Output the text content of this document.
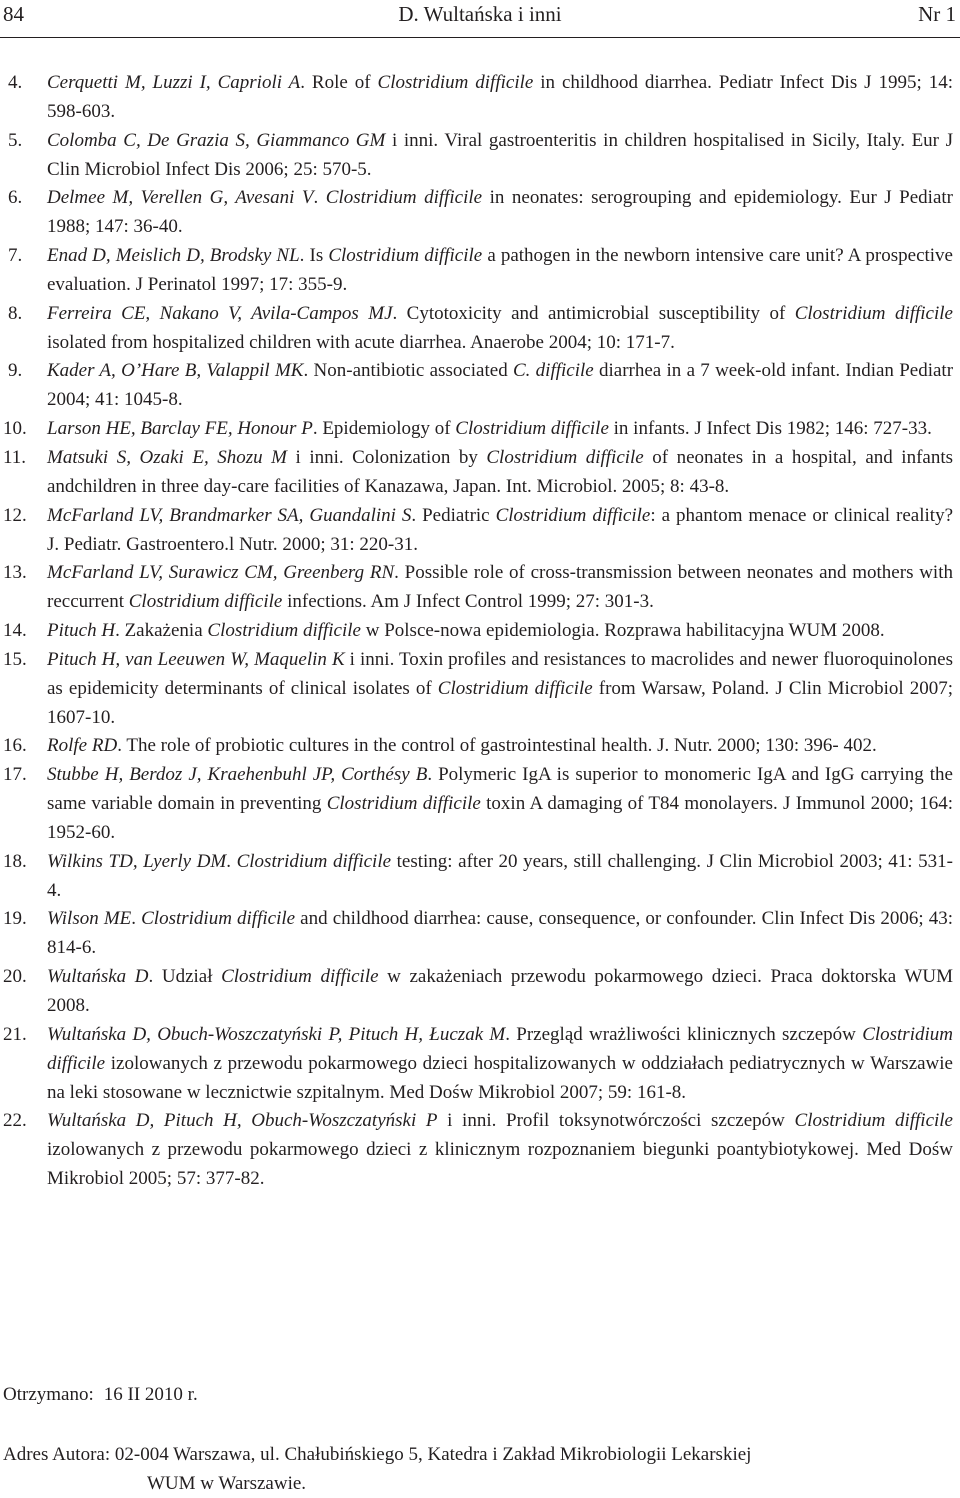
84	D. Wultańska i inni	Nr 1
4. Cerquetti M, Luzzi I, Caprioli A. Role of Clostridium difficile in childhood diarrhea. Pediatr Infect Dis J 1995; 14: 598-603.
5. Colomba C, De Grazia S, Giammanco GM i inni. Viral gastroenteritis in children hospitalised in Sicily, Italy. Eur J Clin Microbiol Infect Dis 2006; 25: 570-5.
6. Delmee M, Verellen G, Avesani V. Clostridium difficile in neonates: serogrouping and epidemiology. Eur J Pediatr 1988; 147: 36-40.
7. Enad D, Meislich D, Brodsky NL. Is Clostridium difficile a pathogen in the newborn intensive care unit? A prospective evaluation. J Perinatol 1997; 17: 355-9.
8. Ferreira CE, Nakano V, Avila-Campos MJ. Cytotoxicity and antimicrobial susceptibility of Clostridium difficile isolated from hospitalized children with acute diarrhea. Anaerobe 2004; 10: 171-7.
9. Kader A, O’Hare B, Valappil MK. Non-antibiotic associated C. difficile diarrhea in a 7 week-old infant. Indian Pediatr 2004; 41: 1045-8.
10. Larson HE, Barclay FE, Honour P. Epidemiology of Clostridium difficile in infants. J Infect Dis 1982; 146: 727-33.
11. Matsuki S, Ozaki E, Shozu M i inni. Colonization by Clostridium difficile of neonates in a hospital, and infants andchildren in three day-care facilities of Kanazawa, Japan. Int. Microbiol. 2005; 8: 43-8.
12. McFarland LV, Brandmarker SA, Guandalini S. Pediatric Clostridium difficile: a phantom menace or clinical reality? J. Pediatr. Gastroentero.l Nutr. 2000; 31: 220-31.
13. McFarland LV, Surawicz CM, Greenberg RN. Possible role of cross-transmission between neonates and mothers with reccurrent Clostridium difficile infections. Am J Infect Control 1999; 27: 301-3.
14. Pituch H. Zakażenia Clostridium difficile w Polsce-nowa epidemiologia. Rozprawa habilitacyjna WUM 2008.
15. Pituch H, van Leeuwen W, Maquelin K i inni. Toxin profiles and resistances to macrolides and newer fluoroquinolones as epidemicity determinants of clinical isolates of Clostridium difficile from Warsaw, Poland. J Clin Microbiol 2007; 1607-10.
16. Rolfe RD. The role of probiotic cultures in the control of gastrointestinal health. J. Nutr. 2000; 130: 396- 402.
17. Stubbe H, Berdoz J, Kraehenbuhl JP, Corthésy B. Polymeric IgA is superior to monomeric IgA and IgG carrying the same variable domain in preventing Clostridium difficile toxin A damaging of T84 monolayers. J Immunol 2000; 164: 1952-60.
18. Wilkins TD, Lyerly DM. Clostridium difficile testing: after 20 years, still challenging. J Clin Microbiol 2003; 41: 531-4.
19. Wilson ME. Clostridium difficile and childhood diarrhea: cause, consequence, or confounder. Clin Infect Dis 2006; 43: 814-6.
20. Wultańska D. Udział Clostridium difficile w zakażeniach przewodu pokarmowego dzieci. Praca doktorska WUM 2008.
21. Wultańska D, Obuch-Woszczatyński P, Pituch H, Łuczak M. Przegląd wrażliwości klinicznych szczepów Clostridium difficile izolowanych z przewodu pokarmowego dzieci hospitalizowanych w oddziałach pediatrycznych w Warszawie na leki stosowane w lecznictwie szpitalnym. Med Dośw Mikrobiol 2007; 59: 161-8.
22. Wultańska D, Pituch H, Obuch-Woszczatyński P i inni. Profil toksynotwórczości szczepów Clostridium difficile izolowanych z przewodu pokarmowego dzieci z klinicznym rozpoznaniem biegunki poantybiotykowej. Med Dośw Mikrobiol 2005; 57: 377-82.
Otrzymano: 16 II 2010 r.
Adres Autora: 02-004 Warszawa, ul. Chałubińskiego 5, Katedra i Zakład Mikrobiologii Lekarskiej
WUM w Warszawie.
